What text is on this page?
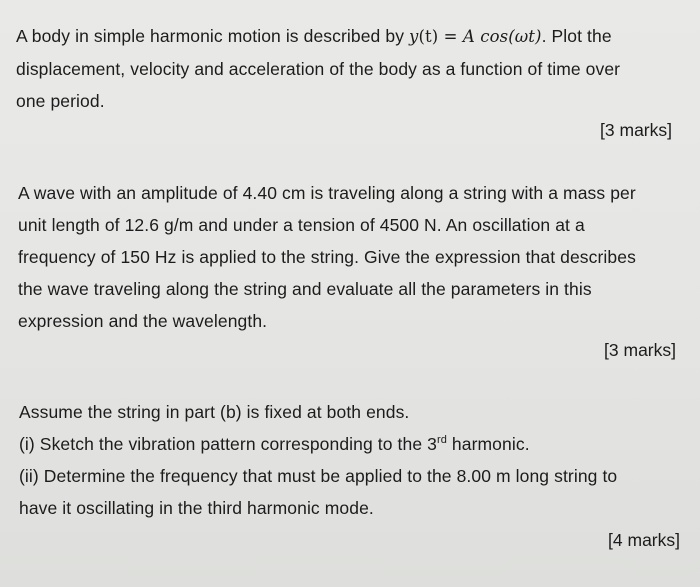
A body in simple harmonic motion is described by y(t) = A cos(ωt). Plot the
displacement, velocity and acceleration of the body as a function of time over
one period.
[3 marks]
A wave with an amplitude of 4.40 cm is traveling along a string with a mass per
unit length of 12.6 g/m and under a tension of 4500 N. An oscillation at a
frequency of 150 Hz is applied to the string. Give the expression that describes
the wave traveling along the string and evaluate all the parameters in this
expression and the wavelength.
[3 marks]
Assume the string in part (b) is fixed at both ends.
(i) Sketch the vibration pattern corresponding to the 3rd harmonic.
(ii) Determine the frequency that must be applied to the 8.00 m long string to
have it oscillating in the third harmonic mode.
[4 marks]
